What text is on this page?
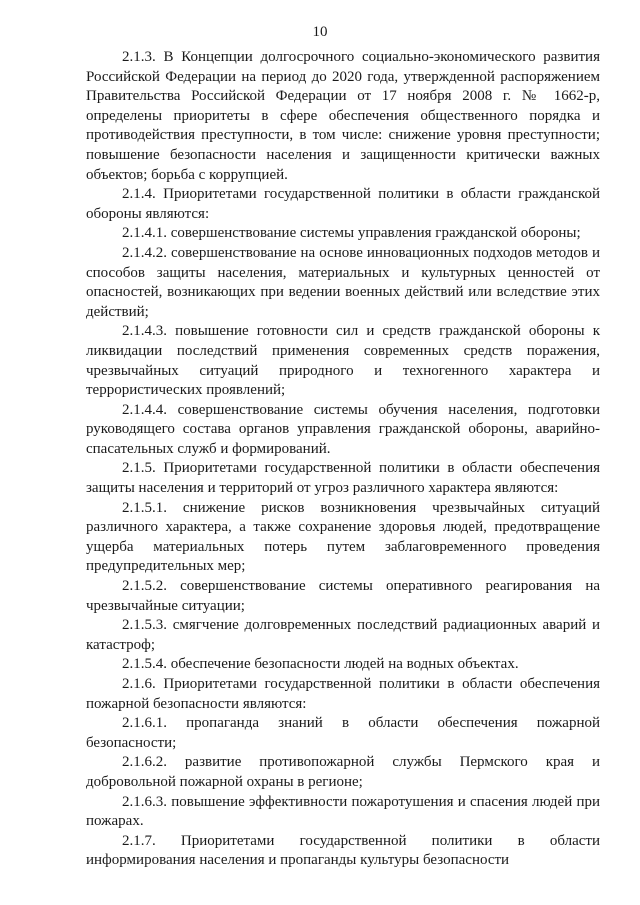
10

2.1.3. В Концепции долгосрочного социально-экономического развития Российской Федерации на период до 2020 года, утвержденной распоряжением Правительства Российской Федерации от 17 ноября 2008 г. № 1662-р, определены приоритеты в сфере обеспечения общественного порядка и противодействия преступности, в том числе: снижение уровня преступности; повышение безопасности населения и защищенности критически важных объектов; борьба с коррупцией.

2.1.4. Приоритетами государственной политики в области гражданской обороны являются:

2.1.4.1. совершенствование системы управления гражданской обороны;

2.1.4.2. совершенствование на основе инновационных подходов методов и способов защиты населения, материальных и культурных ценностей от опасностей, возникающих при ведении военных действий или вследствие этих действий;

2.1.4.3. повышение готовности сил и средств гражданской обороны к ликвидации последствий применения современных средств поражения, чрезвычайных ситуаций природного и техногенного характера и террористических проявлений;

2.1.4.4. совершенствование системы обучения населения, подготовки руководящего состава органов управления гражданской обороны, аварийно-спасательных служб и формирований.

2.1.5. Приоритетами государственной политики в области обеспечения защиты населения и территорий от угроз различного характера являются:

2.1.5.1. снижение рисков возникновения чрезвычайных ситуаций различного характера, а также сохранение здоровья людей, предотвращение ущерба материальных потерь путем заблаговременного проведения предупредительных мер;

2.1.5.2. совершенствование системы оперативного реагирования на чрезвычайные ситуации;

2.1.5.3. смягчение долговременных последствий радиационных аварий и катастроф;

2.1.5.4. обеспечение безопасности людей на водных объектах.

2.1.6. Приоритетами государственной политики в области обеспечения пожарной безопасности являются:

2.1.6.1. пропаганда знаний в области обеспечения пожарной безопасности;

2.1.6.2. развитие противопожарной службы Пермского края и добровольной пожарной охраны в регионе;

2.1.6.3. повышение эффективности пожаротушения и спасения людей при пожарах.

2.1.7. Приоритетами государственной политики в области информирования населения и пропаганды культуры безопасности
